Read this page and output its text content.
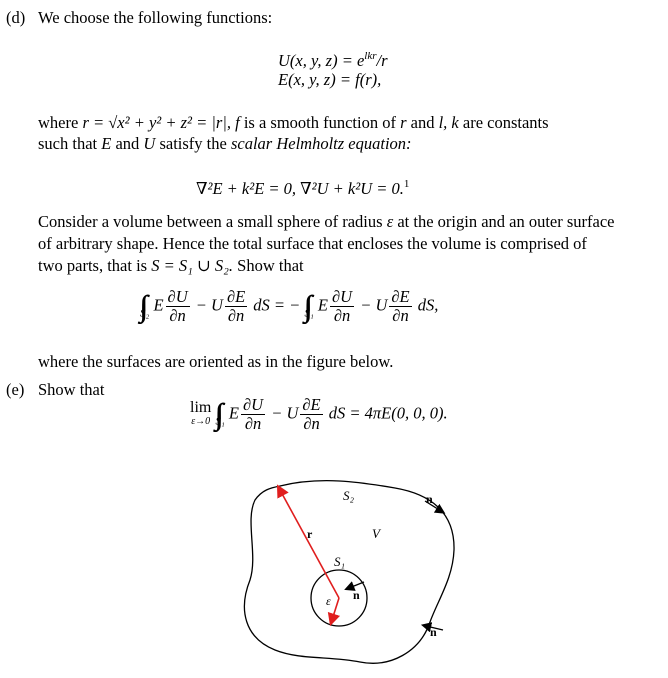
(d) We choose the following functions:
U(x, y, $z) = e^{lkr}/r$
E(x, y, z) = f(r),
where r = √x² + y² + z² = |r|, f is a smooth function of r and l, k are constants
such that E and U satisfy the scalar Helmholtz equation:
∇²E + k²E = 0, ∇²U + k²U = 0.$^1$
Consider a volume between a small sphere of radius ε at the origin and an outer surface
of arbitrary shape. Hence the total surface that encloses the volume is comprised of
two parts, that is S = S₁ ∪ S₂. Show that
$_{S_2}$ E $\frac{\partial U}{\partial n} - U \frac{\partial E}{\partial n}$ dS = − $_{S_1}$ E $\frac{\partial U}{\partial n} - U \frac{\partial E}{\partial n}$ dS,
where the surfaces are oriented as in the figure below.
(e) Show that
lim
ε→0 $_{S_1}$ E $\frac{\partial U}{\partial n} - U \frac{\partial E}{\partial n}$ dS = 4πE(0, 0, 0).
S₂	n
r	V
S₁
n
ε
n
